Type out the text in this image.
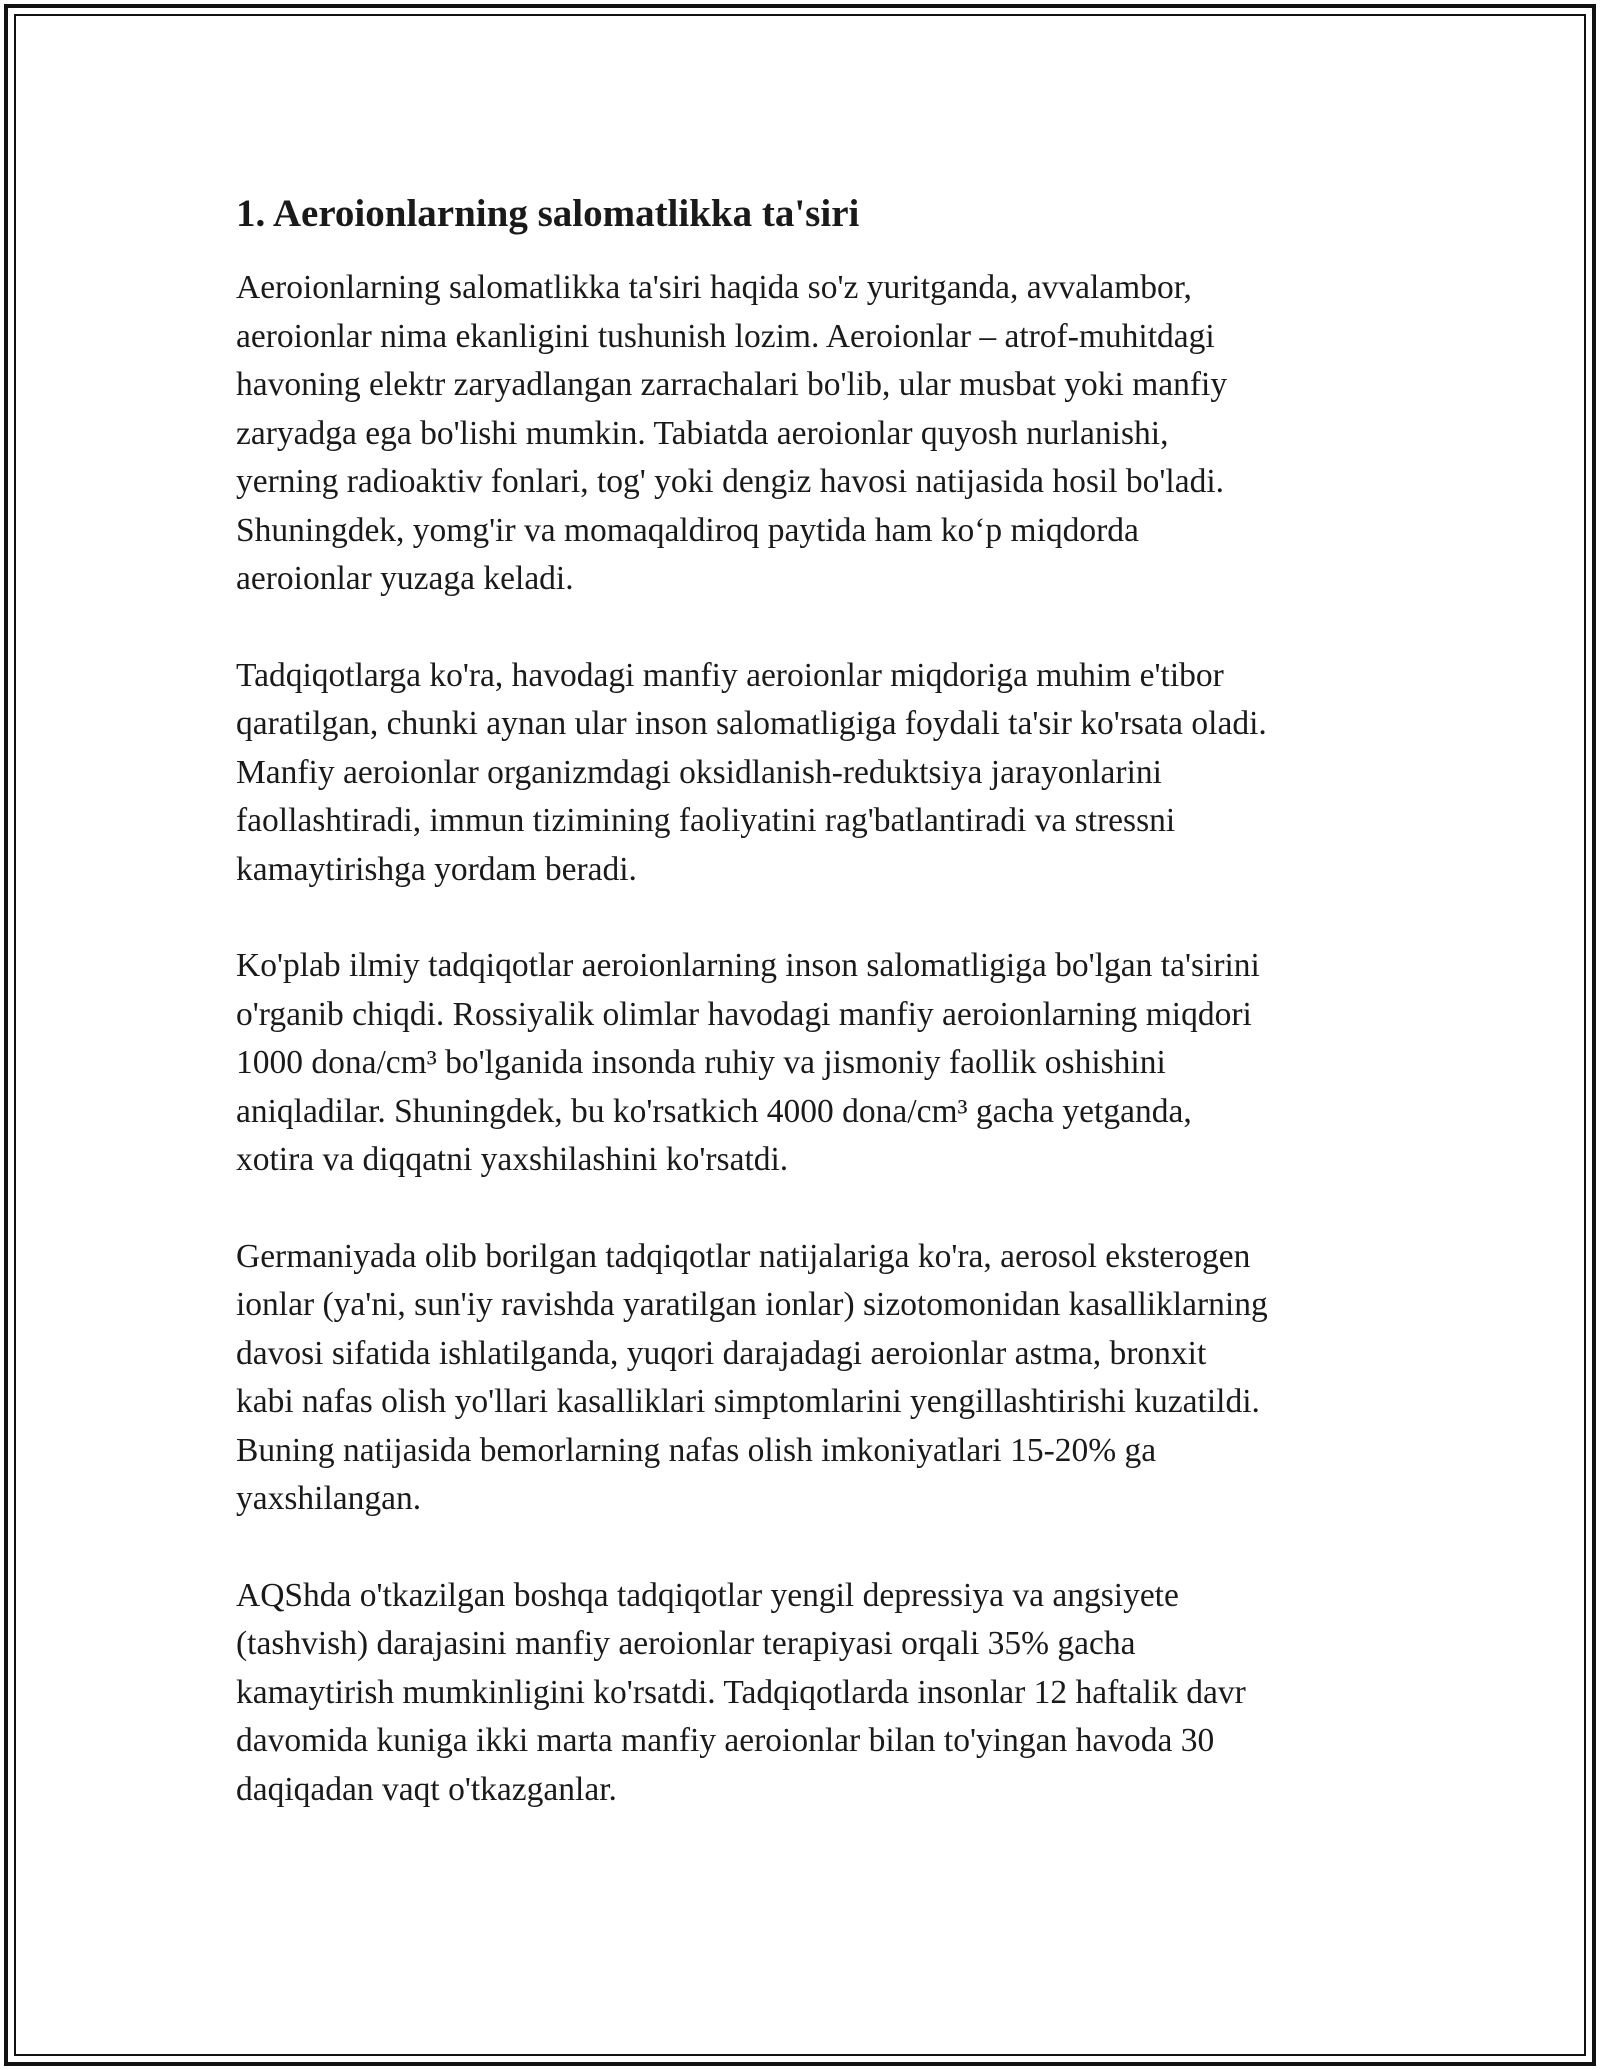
1. Aeroionlarning salomatlikka ta'siri

Aeroionlarning salomatlikka ta'siri haqida so'z yuritganda, avvalambor,
aeroionlar nima ekanligini tushunish lozim. Aeroionlar – atrof-muhitdagi
havoning elektr zaryadlangan zarrachalari bo'lib, ular musbat yoki manfiy
zaryadga ega bo'lishi mumkin. Tabiatda aeroionlar quyosh nurlanishi,
yerning radioaktiv fonlari, tog' yoki dengiz havosi natijasida hosil bo'ladi.
Shuningdek, yomg'ir va momaqaldiroq paytida ham koʻp miqdorda
aeroionlar yuzaga keladi.

Tadqiqotlarga ko'ra, havodagi manfiy aeroionlar miqdoriga muhim e'tibor
qaratilgan, chunki aynan ular inson salomatligiga foydali ta'sir ko'rsata oladi.
Manfiy aeroionlar organizmdagi oksidlanish-reduktsiya jarayonlarini
faollashtiradi, immun tizimining faoliyatini rag'batlantiradi va stressni
kamaytirishga yordam beradi.

Ko'plab ilmiy tadqiqotlar aeroionlarning inson salomatligiga bo'lgan ta'sirini
o'rganib chiqdi. Rossiyalik olimlar havodagi manfiy aeroionlarning miqdori
1000 dona/cm³ bo'lganida insonda ruhiy va jismoniy faollik oshishini
aniqladilar. Shuningdek, bu ko'rsatkich 4000 dona/cm³ gacha yetganda,
xotira va diqqatni yaxshilashini ko'rsatdi.

Germaniyada olib borilgan tadqiqotlar natijalariga ko'ra, aerosol eksterogen
ionlar (ya'ni, sun'iy ravishda yaratilgan ionlar) sizotomonidan kasalliklarning
davosi sifatida ishlatilganda, yuqori darajadagi aeroionlar astma, bronxit
kabi nafas olish yo'llari kasalliklari simptomlarini yengillashtirishi kuzatildi.
Buning natijasida bemorlarning nafas olish imkoniyatlari 15-20% ga
yaxshilangan.

AQShda o'tkazilgan boshqa tadqiqotlar yengil depressiya va angsiyete
(tashvish) darajasini manfiy aeroionlar terapiyasi orqali 35% gacha
kamaytirish mumkinligini ko'rsatdi. Tadqiqotlarda insonlar 12 haftalik davr
davomida kuniga ikki marta manfiy aeroionlar bilan to'yingan havoda 30
daqiqadan vaqt o'tkazganlar.
